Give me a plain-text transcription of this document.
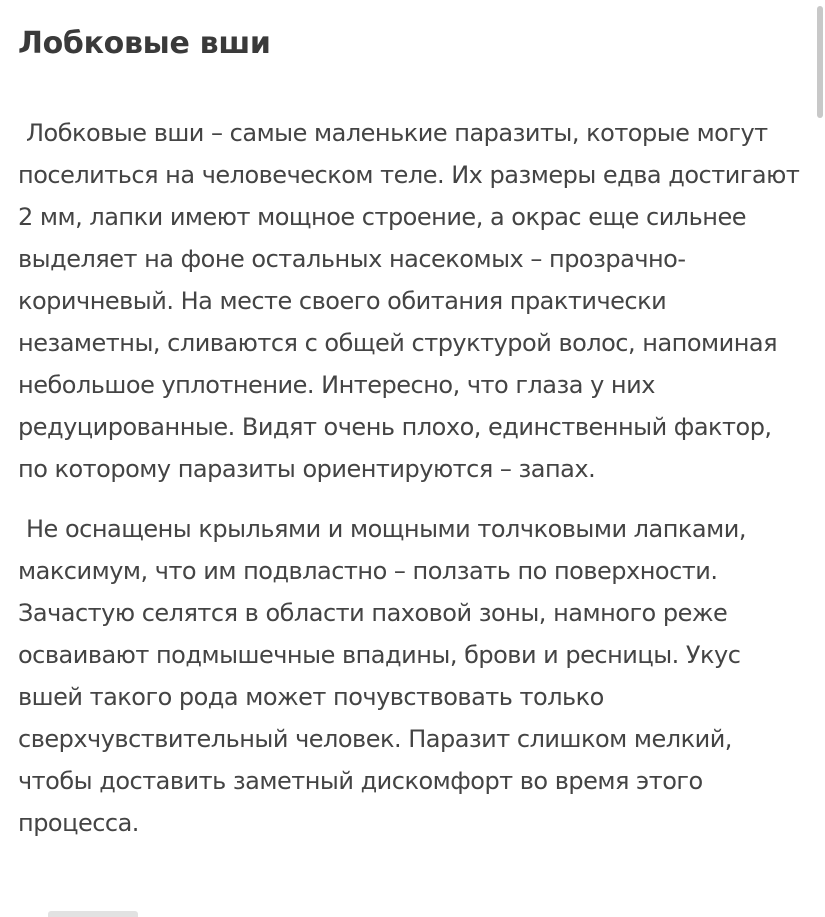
Лобковые вши

Лобковые вши – самые маленькие паразиты, которые могут поселиться на человеческом теле. Их размеры едва достигают 2 мм, лапки имеют мощное строение, а окрас еще сильнее выделяет на фоне остальных насекомых – прозрачно-коричневый. На месте своего обитания практически незаметны, сливаются с общей структурой волос, напоминая небольшое уплотнение. Интересно, что глаза у них редуцированные. Видят очень плохо, единственный фактор, по которому паразиты ориентируются – запах.

Не оснащены крыльями и мощными толчковыми лапками, максимум, что им подвластно – ползать по поверхности. Зачастую селятся в области паховой зоны, намного реже осваивают подмышечные впадины, брови и ресницы. Укус вшей такого рода может почувствовать только сверхчувствительный человек. Паразит слишком мелкий, чтобы доставить заметный дискомфорт во время этого процесса.
